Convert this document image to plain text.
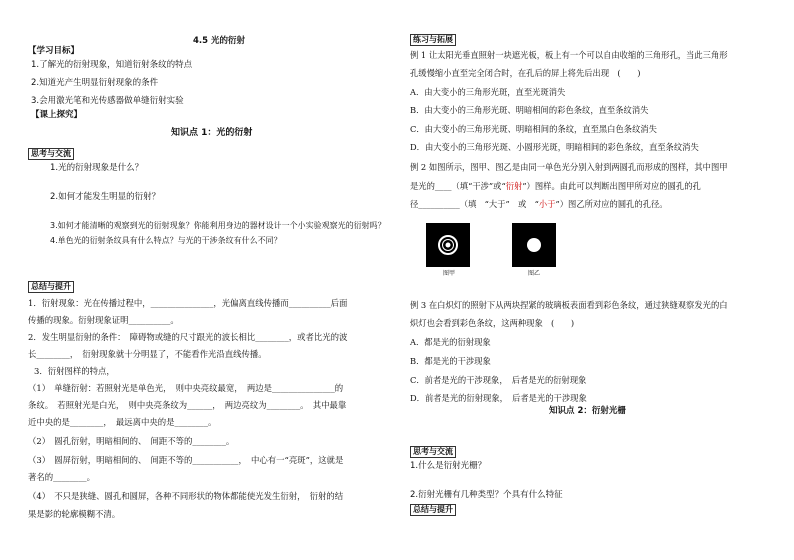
4.5 光的衍射
【学习目标】
1.了解光的衍射现象，知道衍射条纹的特点
2.知道光产生明显衍射现象的条件
3.会用激光笔和光传感器做单缝衍射实验
【课上探究】
知识点 1：光的衍射
思考与交流
1.光的衍射现象是什么？
2.如何才能发生明显的衍射？
3.如何才能清晰的观察到光的衍射现象？你能利用身边的器材设计一个小实验观察光的衍射吗？
4.单色光的衍射条纹具有什么特点？与光的干涉条纹有什么不同？
总结与提升
1．衍射现象：光在传播过程中，_______________，光偏离直线传播而__________后面
传播的现象。衍射现象证明__________。
2．发生明显衍射的条件：　障碍物或缝的尺寸跟光的波长相比________，或者比光的波
长________，　衍射现象就十分明显了，不能看作光沿直线传播。
3．衍射图样的特点，
（1）　单缝衍射：若照射光是单色光，　则中央亮纹最宽，　两边是_______________的
条纹。　若照射光是白光，　则中央亮条纹为______，　两边亮纹为________。　其中最靠
近中央的是________，　最远离中央的是________。
（2）　圆孔衍射，明暗相间的、　间距不等的________。
（3）　圆屏衍射，明暗相间的、　间距不等的___________，　中心有一“亮斑”，这就是
著名的________。
（4）　不只是狭缝、圆孔和圆屏，各种不同形状的物体都能使光发生衍射，　衍射的结
果是影的轮廓模糊不清。
练习与拓展
例 1 让太阳光垂直照射一块遮光板，板上有一个可以自由收缩的三角形孔，当此三角形
孔缓慢缩小直至完全闭合时，在孔后的屏上将先后出现　(　　)
A．由大变小的三角形光斑，直至光斑消失
B．由大变小的三角形光斑、明暗相间的彩色条纹，直至条纹消失
C．由大变小的三角形光斑、明暗相间的条纹，直至黑白色条纹消失
D．由大变小的三角形光斑、小圆形光斑，明暗相间的彩色条纹，直至条纹消失
例 2 如图所示，图甲、图乙是由同一单色光分别入射到两圆孔而形成的图样，其中图甲
是光的____（填“干涉”或“衍射”）图样。由此可以判断出图甲所对应的圆孔的孔
径__________（填　“大于”　或　“小于”）图乙所对应的圆孔的孔径。
图甲	图乙
例 3 在白炽灯的照射下从两块捏紧的玻璃板表面看到彩色条纹，通过狭缝观察发光的白
炽灯也会看到彩色条纹，这两种现象　(　　)
A．都是光的衍射现象
B．都是光的干涉现象
C．前者是光的干涉现象，　后者是光的衍射现象
D．前者是光的衍射现象，　后者是光的干涉现象
知识点 2：衍射光栅
思考与交流
1.什么是衍射光栅？
2.衍射光栅有几种类型？个具有什么特征
总结与提升
